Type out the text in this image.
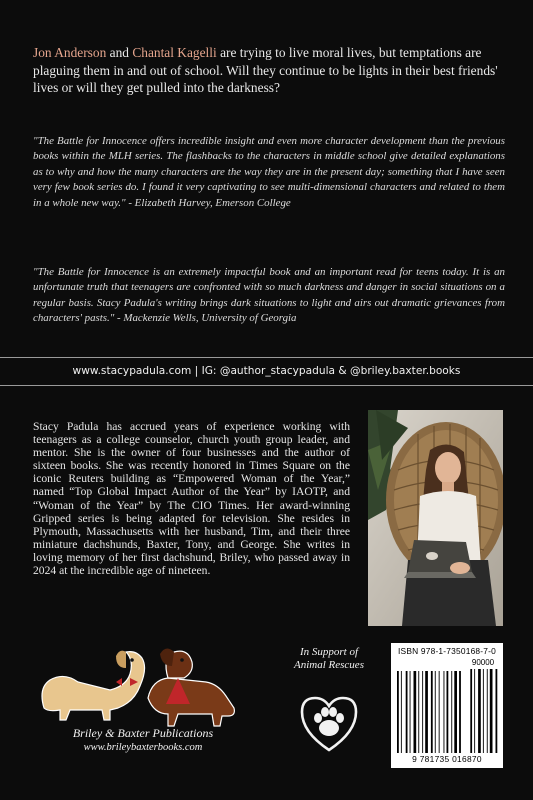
Jon Anderson and Chantal Kagelli are trying to live moral lives, but temptations are plaguing them in and out of school. Will they continue to be lights in their best friends' lives or will they get pulled into the darkness?

"The Battle for Innocence offers incredible insight and even more character development than the previous books within the MLH series. The flashbacks to the characters in middle school give detailed explanations as to why and how the many characters are the way they are in the present day; something that I have seen very few book series do. I found it very captivating to see multi-dimensional characters and related to them in a whole new way." - Elizabeth Harvey, Emerson College

"The Battle for Innocence is an extremely impactful book and an important read for teens today. It is an unfortunate truth that teenagers are confronted with so much darkness and danger in social situations on a regular basis. Stacy Padula's writing brings dark situations to light and airs out dramatic grievances from characters' pasts." - Mackenzie Wells, University of Georgia

www.stacypadula.com | IG: @author_stacypadula & @briley.baxter.books

Stacy Padula has accrued years of experience working with teenagers as a college counselor, church youth group leader, and mentor. She is the owner of four businesses and the author of sixteen books. She was recently honored in Times Square on the iconic Reuters building as “Empowered Woman of the Year,” named “Top Global Impact Author of the Year” by IAOTP, and “Woman of the Year” by The CIO Times. Her award-winning Gripped series is being adapted for television. She resides in Plymouth, Massachusetts with her husband, Tim, and their three miniature dachshunds, Baxter, Tony, and George. She writes in loving memory of her first dachshund, Briley, who passed away in 2024 at the incredible age of nineteen.

Briley & Baxter Publications
www.brileybaxterbooks.com

In Support of Animal Rescues

ISBN 978-1-7350168-7-0
90000
9 781735 016870
